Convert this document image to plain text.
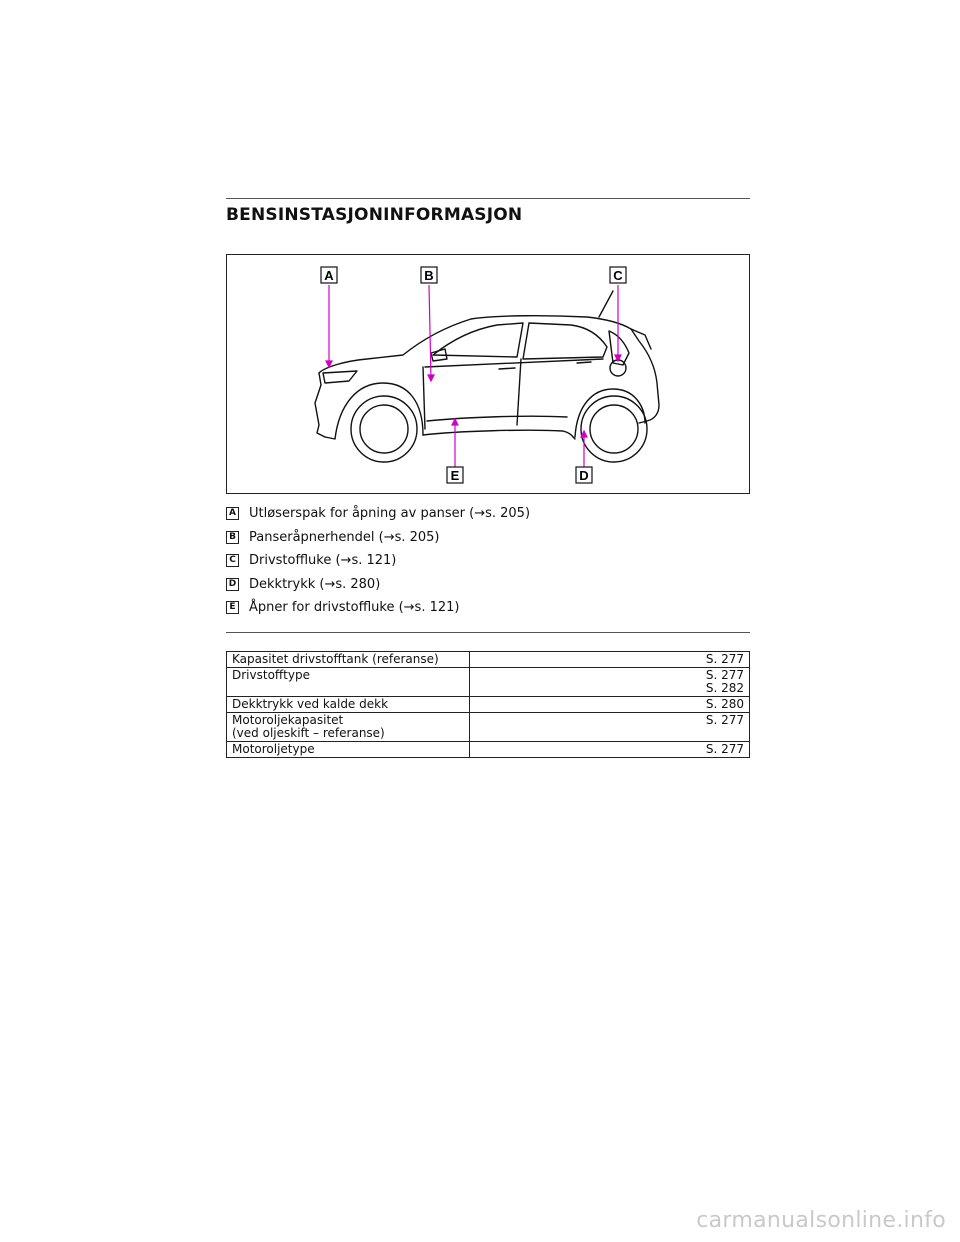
BENSINSTASJONINFORMASJON
A	B	C
E	D
A Utløserspak for åpning av panser (→s. 205)
B Panseråpnerhendel (→s. 205)
C Drivstoffluke (→s. 121)
D Dekktrykk (→s. 280)
E Åpner for drivstoffluke (→s. 121)
Kapasitet drivstofftank (referanse)	S. 277
Drivstofftype	S. 277
S. 282
Dekktrykk ved kalde dekk	S. 280
Motoroljekapasitet
(ved oljeskift – referanse)	S. 277
Motoroljetype	S. 277
carmanualsonline.info
